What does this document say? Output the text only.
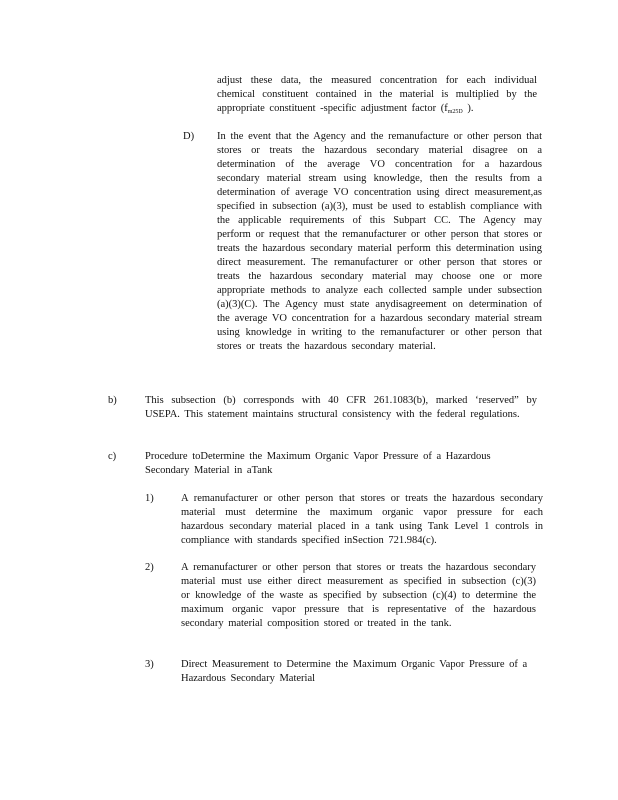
adjust these data, the measured concentration for each individual chemical constituent contained in the material is multiplied by the appropriate constituent -specific adjustment factor ($f_{m25D}$ ).
D) In the event that the Agency and the remanufacture or other person that stores or treats the hazardous secondary material disagree on a determination of the average VO concentration for a hazardous secondary material stream using knowledge, then the results from a determination of average VO concentration using direct measurement,as specified in subsection (a)(3), must be used to establish compliance with the applicable requirements of this Subpart CC. The Agency may perform or request that the remanufacturer or other person that stores or treats the hazardous secondary material perform this determination using direct measurement. The remanufacturer or other person that stores or treats the hazardous secondary material may choose one or more appropriate methods to analyze each collected sample under subsection (a)(3)(C). The Agency must state anydisagreement on determination of the average VO concentration for a hazardous secondary material stream using knowledge in writing to the remanufacturer or other person that stores or treats the hazardous secondary material.
b)	This subsection (b) corresponds with 40 CFR 261.1083(b), marked ‘reserved” by USEPA. This statement maintains structural consistency with the federal regulations.
c)	Procedure toDetermine the Maximum Organic Vapor Pressure of a Hazardous Secondary Material in aTank
1)	A remanufacturer or other person that stores or treats the hazardous secondary material must determine the maximum organic vapor pressure for each hazardous secondary material placed in a tank using Tank Level 1 controls in compliance with standards specified inSection 721.984(c).
2)	A remanufacturer or other person that stores or treats the hazardous secondary material must use either direct measurement as specified in subsection (c)(3) or knowledge of the waste as specified by subsection (c)(4) to determine the maximum organic vapor pressure that is representative of the hazardous secondary material composition stored or treated in the tank.
3)	Direct Measurement to Determine the Maximum Organic Vapor Pressure of a Hazardous Secondary Material
